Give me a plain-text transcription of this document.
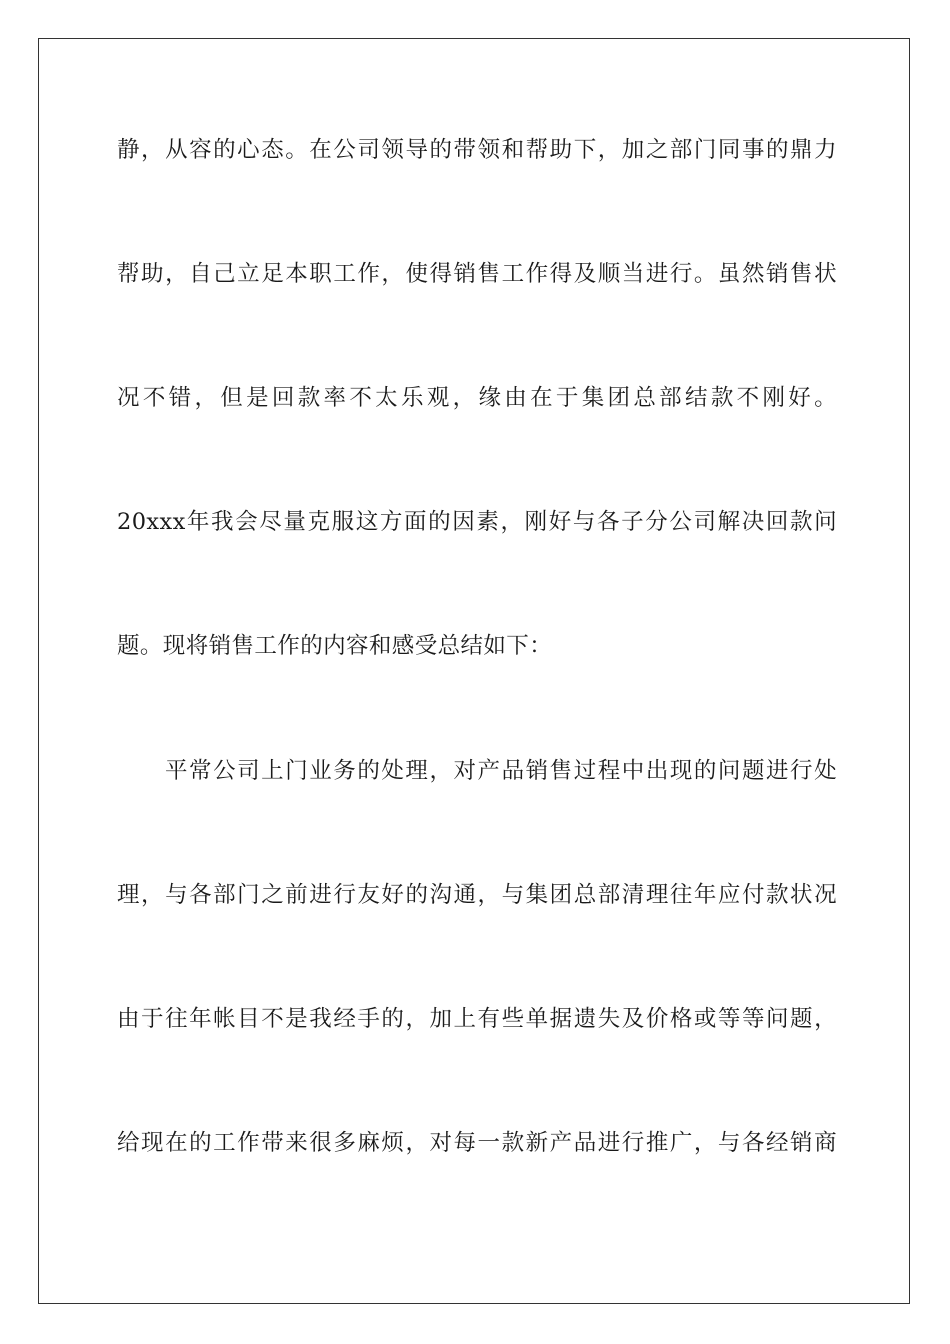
静，从容的心态。在公司领导的带领和帮助下，加之部门同事的鼎力
帮助，自己立足本职工作，使得销售工作得及顺当进行。虽然销售状
况不错，但是回款率不太乐观，缘由在于集团总部结款不刚好。
20xxx年我会尽量克服这方面的因素，刚好与各子分公司解决回款问
题。现将销售工作的内容和感受总结如下：
平常公司上门业务的处理，对产品销售过程中出现的问题进行处
理，与各部门之前进行友好的沟通，与集团总部清理往年应付款状况
由于往年帐目不是我经手的，加上有些单据遗失及价格或等等问题，
给现在的工作带来很多麻烦，对每一款新产品进行推广，与各经销商
